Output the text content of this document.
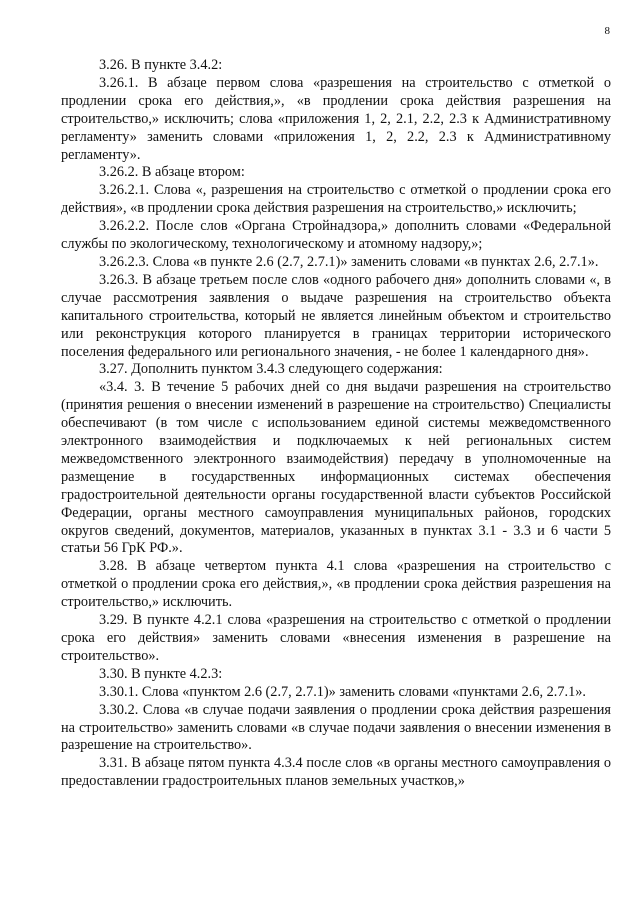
8

3.26. В пункте 3.4.2:

3.26.1. В абзаце первом слова «разрешения на строительство с отметкой о продлении срока его действия,», «в продлении срока действия разрешения на строительство,» исключить; слова «приложения 1, 2, 2.1, 2.2, 2.3 к Административному регламенту» заменить словами «приложения 1, 2, 2.2, 2.3 к Административному регламенту».

3.26.2. В абзаце втором:

3.26.2.1. Слова «, разрешения на строительство с отметкой о продлении срока его действия», «в продлении срока действия разрешения на строительство,» исключить;

3.26.2.2. После слов «Органа Стройнадзора,» дополнить словами «Федеральной службы по экологическому, технологическому и атомному надзору,»;

3.26.2.3. Слова «в пункте 2.6 (2.7, 2.7.1)» заменить словами «в пунктах 2.6, 2.7.1».

3.26.3. В абзаце третьем после слов «одного рабочего дня» дополнить словами «, в случае рассмотрения заявления о выдаче разрешения на строительство объекта капитального строительства, который не является линейным объектом и строительство или реконструкция которого планируется в границах территории исторического поселения федерального или регионального значения, - не более 1 календарного дня».

3.27. Дополнить пунктом 3.4.3 следующего содержания:

«3.4. 3. В течение 5 рабочих дней со дня выдачи разрешения на строительство (принятия решения о внесении изменений в разрешение на строительство) Специалисты обеспечивают (в том числе с использованием единой системы межведомственного электронного взаимодействия и подключаемых к ней региональных систем межведомственного электронного взаимодействия) передачу в уполномоченные на размещение в государственных информационных системах обеспечения градостроительной деятельности органы государственной власти субъектов Российской Федерации, органы местного самоуправления муниципальных районов, городских округов сведений, документов, материалов, указанных в пунктах 3.1 - 3.3 и 6 части 5 статьи 56 ГрК РФ.».

3.28. В абзаце четвертом пункта 4.1 слова «разрешения на строительство с отметкой о продлении срока его действия,», «в продлении срока действия разрешения на строительство,» исключить.

3.29. В пункте 4.2.1 слова «разрешения на строительство с отметкой о продлении срока его действия» заменить словами «внесения изменения в разрешение на строительство».

3.30. В пункте 4.2.3:

3.30.1. Слова «пунктом 2.6 (2.7, 2.7.1)» заменить словами «пунктами 2.6, 2.7.1».

3.30.2. Слова «в случае подачи заявления о продлении срока действия разрешения на строительство» заменить словами «в случае подачи заявления о внесении изменения в разрешение на строительство».

3.31. В абзаце пятом пункта 4.3.4 после слов «в органы местного самоуправления о предоставлении градостроительных планов земельных участков,»
